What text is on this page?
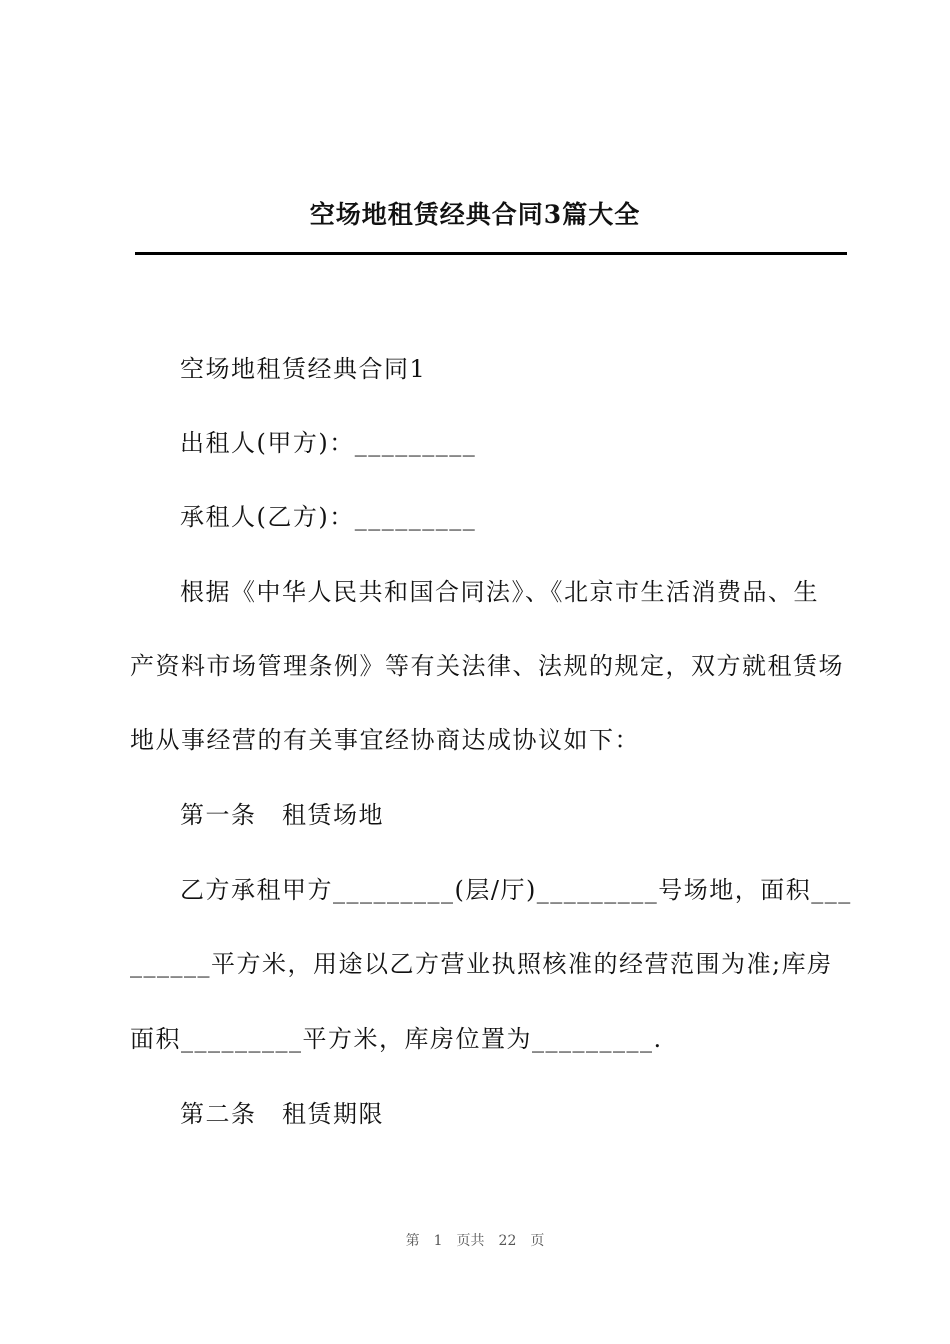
空场地租赁经典合同3篇大全
空场地租赁经典合同1
出租人(甲方)：_________
承租人(乙方)：_________
根据《中华人民共和国合同法》、《北京市生活消费品、生
产资料市场管理条例》等有关法律、法规的规定，双方就租赁场
地从事经营的有关事宜经协商达成协议如下：
第一条　租赁场地
乙方承租甲方_________(层/厅)_________号场地，面积___
______平方米，用途以乙方营业执照核准的经营范围为准;库房
面积_________平方米，库房位置为_________.
第二条　租赁期限
第　1　页共　22　页
